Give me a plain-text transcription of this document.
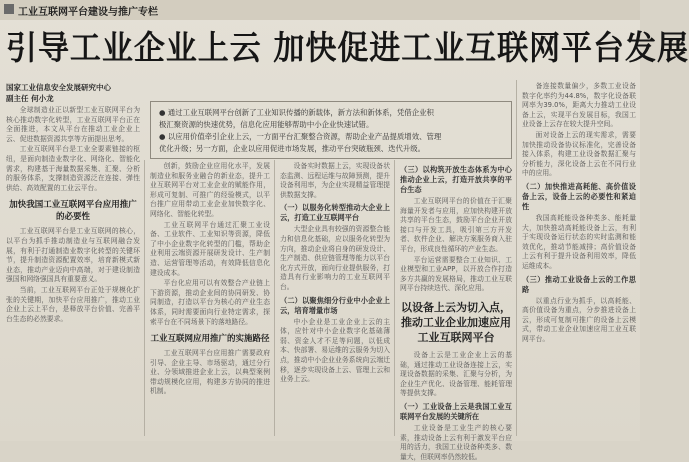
工业互联网平台建设与推广专栏
引导工业企业上云 加快促进工业互联网平台发展
国家工业信息安全发展研究中心
副主任 何小龙

● 通过工业互联网平台创新了工业知识传播的新载体，新方法和新体系，凭借企业积

极汇聚资源的快速优势，信息化应用能够帮助中小企业快速试错。

● 以应用价值牵引企业上云，一方面平台汇聚整合资源，帮助企业产品提质增效、管理

优化升级；另一方面，企业以应用促进市场发展，推动平台突破瓶颈、迭代升级。

全球制造业正以新型工业互联网平台为核心推动数字化转型，工业互联网平台正在全面推进，本文从平台在推动工业企业上云、促进数据资源共享等方面提出思考。

工业互联网平台是工业全要素链接的枢纽，是面向制造业数字化、网络化、智能化需求，构建基于海量数据采集、汇聚、分析的服务体系，支撑制造资源泛在连接、弹性供给、高效配置的工业云平台。

加快我国工业互联网平台应用推广的必要性

工业互联网平台是工业互联网的核心，以平台为抓手推动制造业与互联网融合发展，有利于打通制造业数字化转型的关键环节，提升制造资源配置效率，培育新模式新业态，推动产业迈向中高端，对于建设制造强国和网络强国具有重要意义。

当前，工业互联网平台正处于规模化扩张的关键期，加快平台应用推广，推动工业企业上云上平台，是释放平台价值、完善平台生态的必然要求。

创新，鼓励企业应用化水平，发展制造业和服务业融合的新业态，提升工业互联网平台对工业企业的赋能作用，形成可复制、可推广的经验模式，以平台推广应用带动工业企业加快数字化、网络化、智能化转型。

工业互联网平台通过汇聚工业设备、工业软件、工业知识等资源，降低了中小企业数字化转型的门槛，帮助企业利用云端资源开展研发设计、生产制造、运营管理等活动，有效降低信息化建设成本。

平台化应用可以有效整合产业链上下游资源，推动企业间的协同研发、协同制造，打造以平台为核心的产业生态体系，同时需要面向行业特定需求，探索平台在不同场景下的落地路径。

工业互联网应用推广的实施路径

工业互联网平台应用推广需要政府引导、企业主导、市场驱动，通过分行业、分领域推进企业上云，以典型案例带动规模化应用，构建多方协同的推进机制。

设备实时数据上云，实现设备状态监测、远程运维与故障预测，提升设备利用率，为企业实现精益管理提供数据支撑。

（一）以服务化转型推动大企业上云，打造工业互联网平台

大型企业具有较强的资源整合能力和信息化基础，应以服务化转型为方向，推动企业将自身的研发设计、生产制造、供应链管理等能力以平台化方式开放，面向行业提供服务，打造具有行业影响力的工业互联网平台。

（二）以聚焦细分行业中小企业上云，培育增量市场

中小企业是工业企业上云的主体，应针对中小企业数字化基础薄弱、资金人才不足等问题，以低成本、快部署、易运维的云服务为切入点，推动中小企业业务系统向云端迁移，逐步实现设备上云、管理上云和业务上云。

（三）以构筑开放生态体系为中心推动企业上云，打造开放共享的平台生态

工业互联网平台的价值在于汇聚海量开发者与应用，应加快构建开放共享的平台生态，鼓励平台企业开放接口与开发工具，吸引第三方开发者、软件企业、解决方案服务商入驻平台，形成良性循环的产业生态。

平台运营需要整合工业知识、工业模型和工业APP，以开放合作打造多方共赢的发展格局，推动工业互联网平台持续迭代、深化应用。

以设备上云为切入点，推动工业企业加速应用工业互联网平台

设备上云是工业企业上云的基础，通过推动工业设备连接上云，实现设备数据的采集、汇聚与分析，为企业生产优化、设备管理、能耗管理等提供支撑。

（一）工业设备上云是我国工业互联网平台发展的关键所在

工业设备是工业生产的核心要素，推动设备上云有利于激发平台应用的活力，我国工业设备种类多、数量大，但联网率仍然较低。

备连接数量偏少，多数工业设备数字化率约为44.8%，数字化设备联网率为39.0%，距离大力推动工业设备上云，实现平台发展目标，我国工业设备上云存在较大提升空间。

面对设备上云的现实需求，需要加快推动设备协议标准化，完善设备接入体系，构建工业设备数据汇聚与分析能力，深化设备上云在不同行业中的应用。

（二）加快推进高耗能、高价值设备上云，设备上云的必要性和紧迫性

我国高耗能设备种类多、能耗量大，加快推动高耗能设备上云，有利于实现设备运行状态的实时监测和能效优化，推动节能减排；高价值设备上云有利于提升设备利用效率，降低运维成本。

（三）推动工业设备上云的工作思路

以重点行业为抓手，以高耗能、高价值设备为重点，分步推进设备上云，形成可复制可推广的设备上云模式，带动工业企业加速应用工业互联网平台。
